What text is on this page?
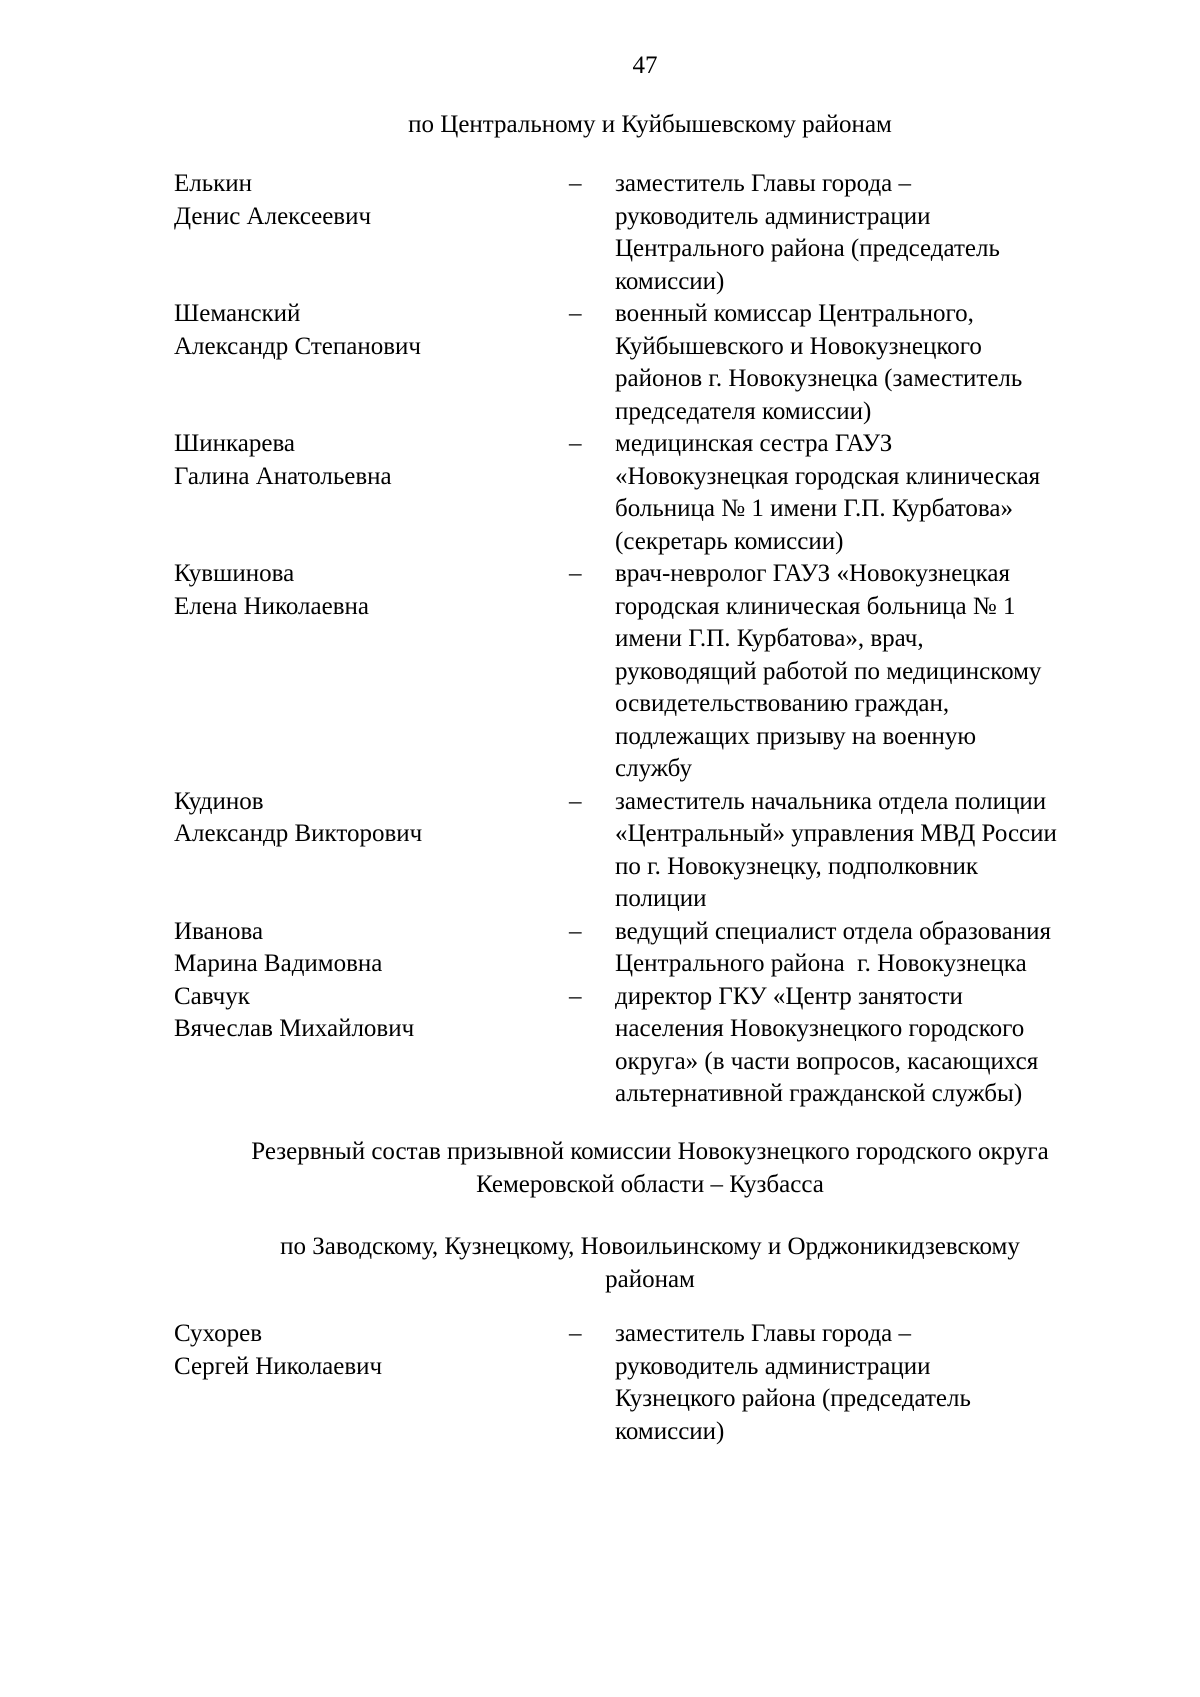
47
по Центральному и Куйбышевскому районам
Елькин
Денис Алексеевич
–	заместитель Главы города –
руководитель администрации
Центрального района (председатель
комиссии)
Шеманский
Александр Степанович
–	военный комиссар Центрального,
Куйбышевского и Новокузнецкого
районов г. Новокузнецка (заместитель
председателя комиссии)
Шинкарева
Галина Анатольевна
–	медицинская сестра ГАУЗ
«Новокузнецкая городская клиническая
больница № 1 имени Г.П. Курбатова»
(секретарь комиссии)
Кувшинова
Елена Николаевна
–	врач-невролог ГАУЗ «Новокузнецкая
городская клиническая больница № 1
имени Г.П. Курбатова», врач,
руководящий работой по медицинскому
освидетельствованию граждан,
подлежащих призыву на военную
службу
Кудинов
Александр Викторович
–	заместитель начальника отдела полиции
«Центральный» управления МВД России
по г. Новокузнецку, подполковник
полиции
Иванова
Марина Вадимовна
–	ведущий специалист отдела образования
Центрального района  г. Новокузнецка
Савчук
Вячеслав Михайлович
–	директор ГКУ «Центр занятости
населения Новокузнецкого городского
округа» (в части вопросов, касающихся
альтернативной гражданской службы)
Резервный состав призывной комиссии Новокузнецкого городского округа
Кемеровской области – Кузбасса
по Заводскому, Кузнецкому, Новоильинскому и Орджоникидзевскому
районам
Сухорев
Сергей Николаевич
–	заместитель Главы города –
руководитель администрации
Кузнецкого района (председатель
комиссии)
